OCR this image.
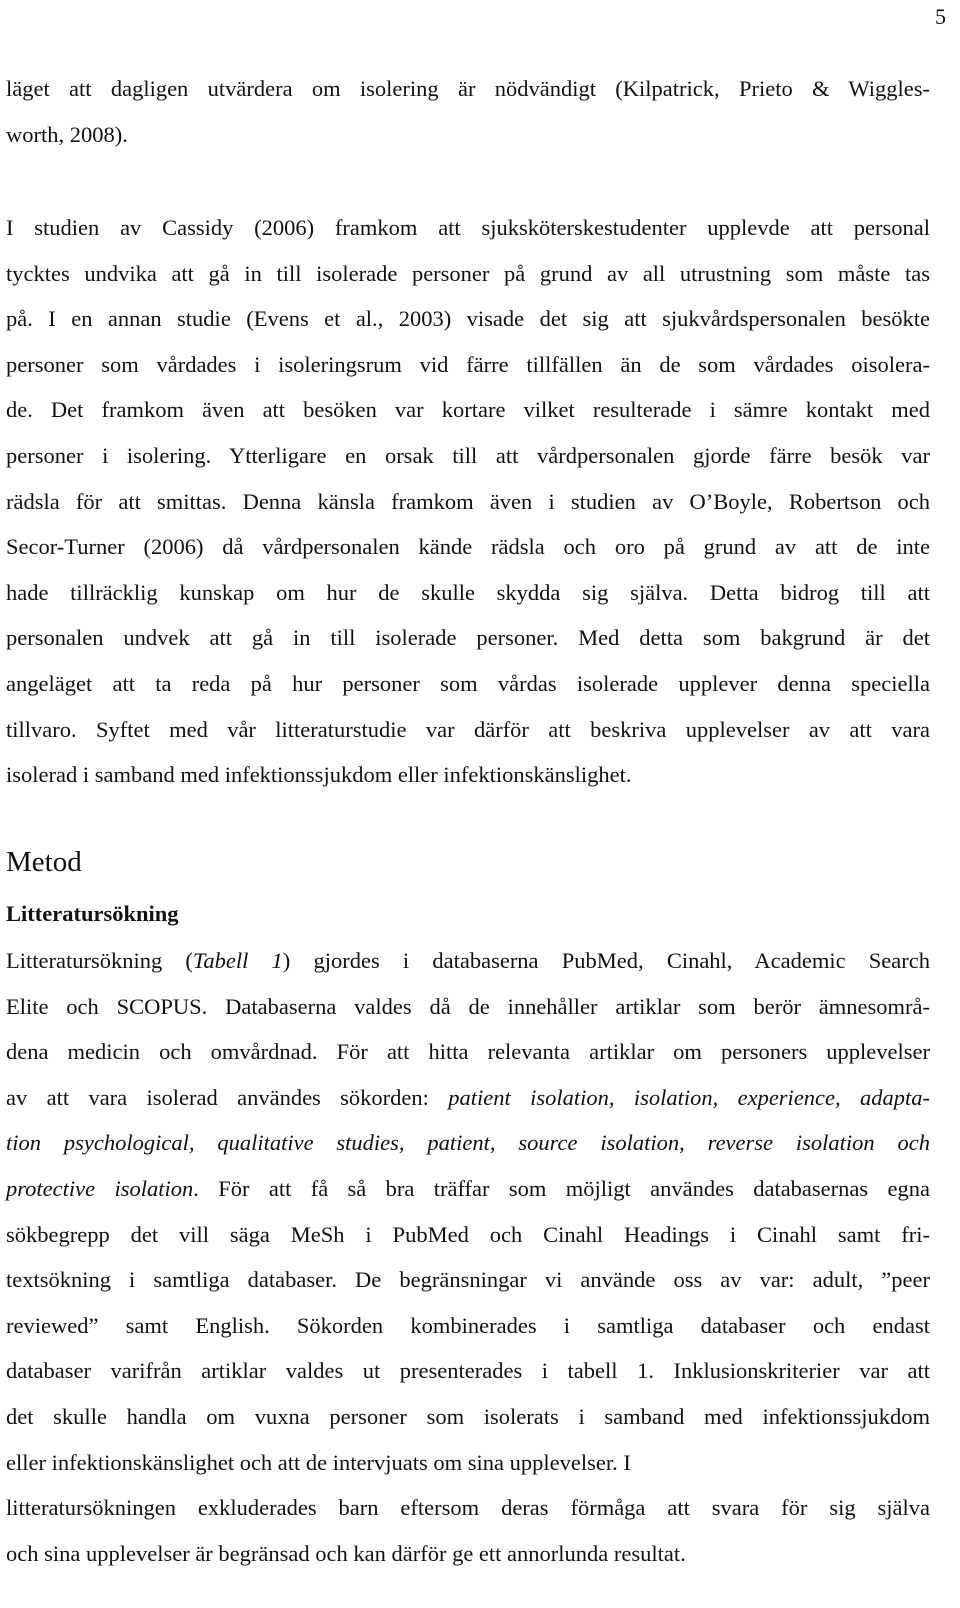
5

läget att dagligen utvärdera om isolering är nödvändigt (Kilpatrick, Prieto & Wiggles-
worth, 2008).

I studien av Cassidy (2006) framkom att sjuksköterskestudenter upplevde att personal
tycktes undvika att gå in till isolerade personer på grund av all utrustning som måste tas
på. I en annan studie (Evens et al., 2003) visade det sig att sjukvårdspersonalen besökte
personer som vårdades i isoleringsrum vid färre tillfällen än de som vårdades oisolera-
de. Det framkom även att besöken var kortare vilket resulterade i sämre kontakt med
personer i isolering. Ytterligare en orsak till att vårdpersonalen gjorde färre besök var
rädsla för att smittas. Denna känsla framkom även i studien av O’Boyle, Robertson och
Secor-Turner (2006) då vårdpersonalen kände rädsla och oro på grund av att de inte
hade tillräcklig kunskap om hur de skulle skydda sig själva. Detta bidrog till att
personalen undvek att gå in till isolerade personer. Med detta som bakgrund är det
angeläget att ta reda på hur personer som vårdas isolerade upplever denna speciella
tillvaro. Syftet med vår litteraturstudie var därför att beskriva upplevelser av att vara
isolerad i samband med infektionssjukdom eller infektionskänslighet.

Metod
Litteratursökning

Litteratursökning (Tabell 1) gjordes i databaserna PubMed, Cinahl, Academic Search
Elite och SCOPUS. Databaserna valdes då de innehåller artiklar som berör ämnesområ-
dena medicin och omvårdnad. För att hitta relevanta artiklar om personers upplevelser
av att vara isolerad användes sökorden: patient isolation, isolation, experience, adapta-
tion psychological, qualitative studies, patient, source isolation, reverse isolation och
protective isolation. För att få så bra träffar som möjligt användes databasernas egna
sökbegrepp det vill säga MeSh i PubMed och Cinahl Headings i Cinahl samt fri-
textsökning i samtliga databaser. De begränsningar vi använde oss av var: adult, ”peer
reviewed” samt English. Sökorden kombinerades i samtliga databaser och endast
databaser varifrån artiklar valdes ut presenterades i tabell 1. Inklusionskriterier var att
det skulle handla om vuxna personer som isolerats i samband med infektionssjukdom
eller infektionskänslighet och att de intervjuats om sina upplevelser. I
litteratursökningen exkluderades barn eftersom deras förmåga att svara för sig själva
och sina upplevelser är begränsad och kan därför ge ett annorlunda resultat.
